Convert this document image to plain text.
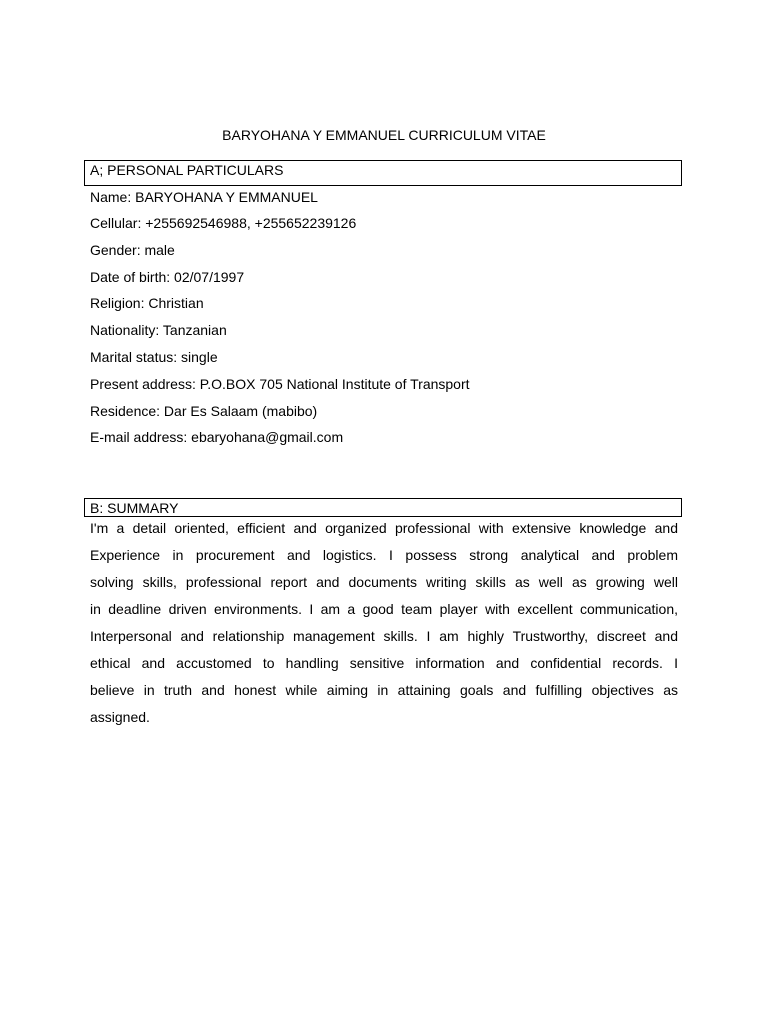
BARYOHANA Y EMMANUEL CURRICULUM VITAE
A; PERSONAL PARTICULARS
Name: BARYOHANA Y EMMANUEL
Cellular: +255692546988, +255652239126
Gender: male
Date of birth: 02/07/1997
Religion: Christian
Nationality: Tanzanian
Marital status: single
Present address: P.O.BOX 705 National Institute of Transport
Residence: Dar Es Salaam (mabibo)
E-mail address: ebaryohana@gmail.com
B: SUMMARY
I'm a detail oriented, efficient and organized professional with extensive knowledge and
Experience in procurement and logistics. I possess strong analytical and problem
solving skills, professional report and documents writing skills as well as growing well
in deadline driven environments. I am a good team player with excellent communication,
Interpersonal and relationship management skills. I am highly Trustworthy, discreet and
ethical and accustomed to handling sensitive information and confidential records. I
believe in truth and honest while aiming in attaining goals and fulfilling objectives as
assigned.
